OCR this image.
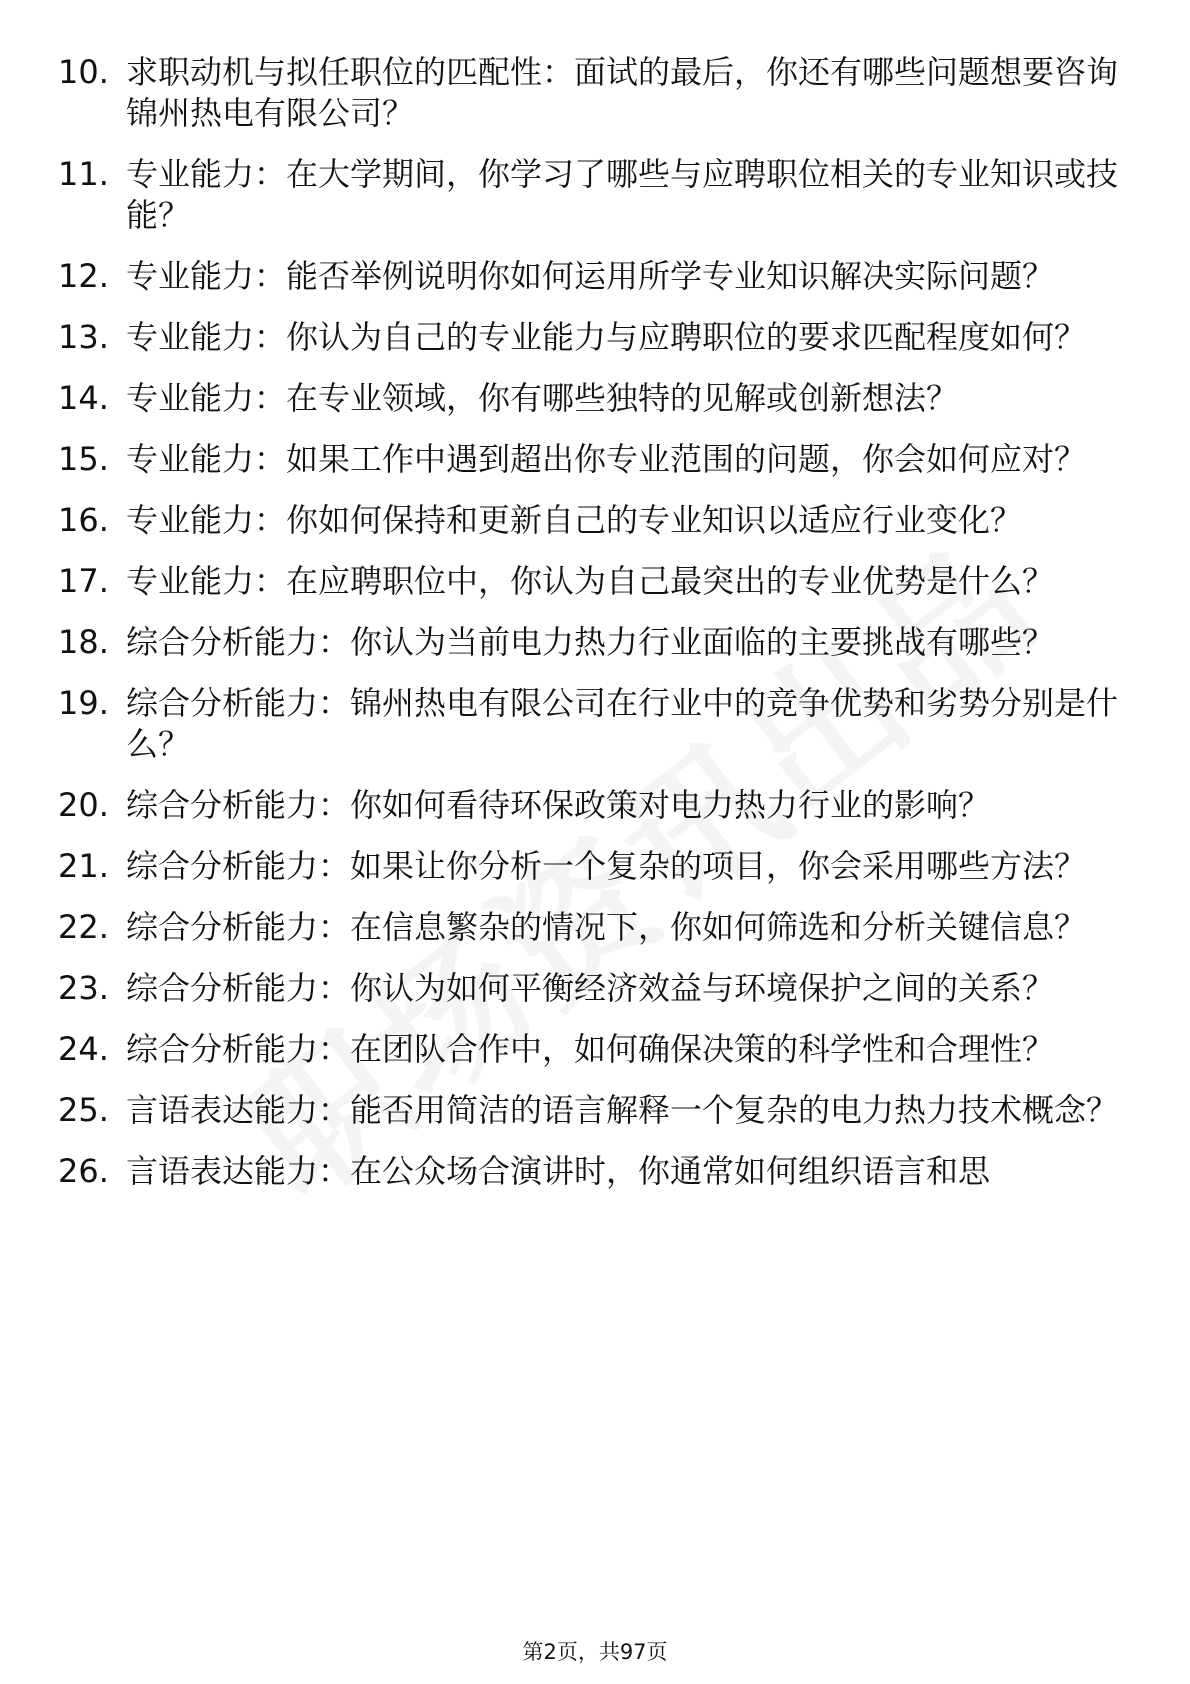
10. 求职动机与拟任职位的匹配性：面试的最后，你还有哪些问题想要咨询锦州热电有限公司？
11. 专业能力：在大学期间，你学习了哪些与应聘职位相关的专业知识或技能？
12. 专业能力：能否举例说明你如何运用所学专业知识解决实际问题？
13. 专业能力：你认为自己的专业能力与应聘职位的要求匹配程度如何？
14. 专业能力：在专业领域，你有哪些独特的见解或创新想法？
15. 专业能力：如果工作中遇到超出你专业范围的问题，你会如何应对？
16. 专业能力：你如何保持和更新自己的专业知识以适应行业变化？
17. 专业能力：在应聘职位中，你认为自己最突出的专业优势是什么？
18. 综合分析能力：你认为当前电力热力行业面临的主要挑战有哪些？
19. 综合分析能力：锦州热电有限公司在行业中的竞争优势和劣势分别是什么？
20. 综合分析能力：你如何看待环保政策对电力热力行业的影响？
21. 综合分析能力：如果让你分析一个复杂的项目，你会采用哪些方法？
22. 综合分析能力：在信息繁杂的情况下，你如何筛选和分析关键信息？
23. 综合分析能力：你认为如何平衡经济效益与环境保护之间的关系？
24. 综合分析能力：在团队合作中，如何确保决策的科学性和合理性？
25. 言语表达能力：能否用简洁的语言解释一个复杂的电力热力技术概念？
26. 言语表达能力：在公众场合演讲时，你通常如何组织语言和思
第2页，共97页
